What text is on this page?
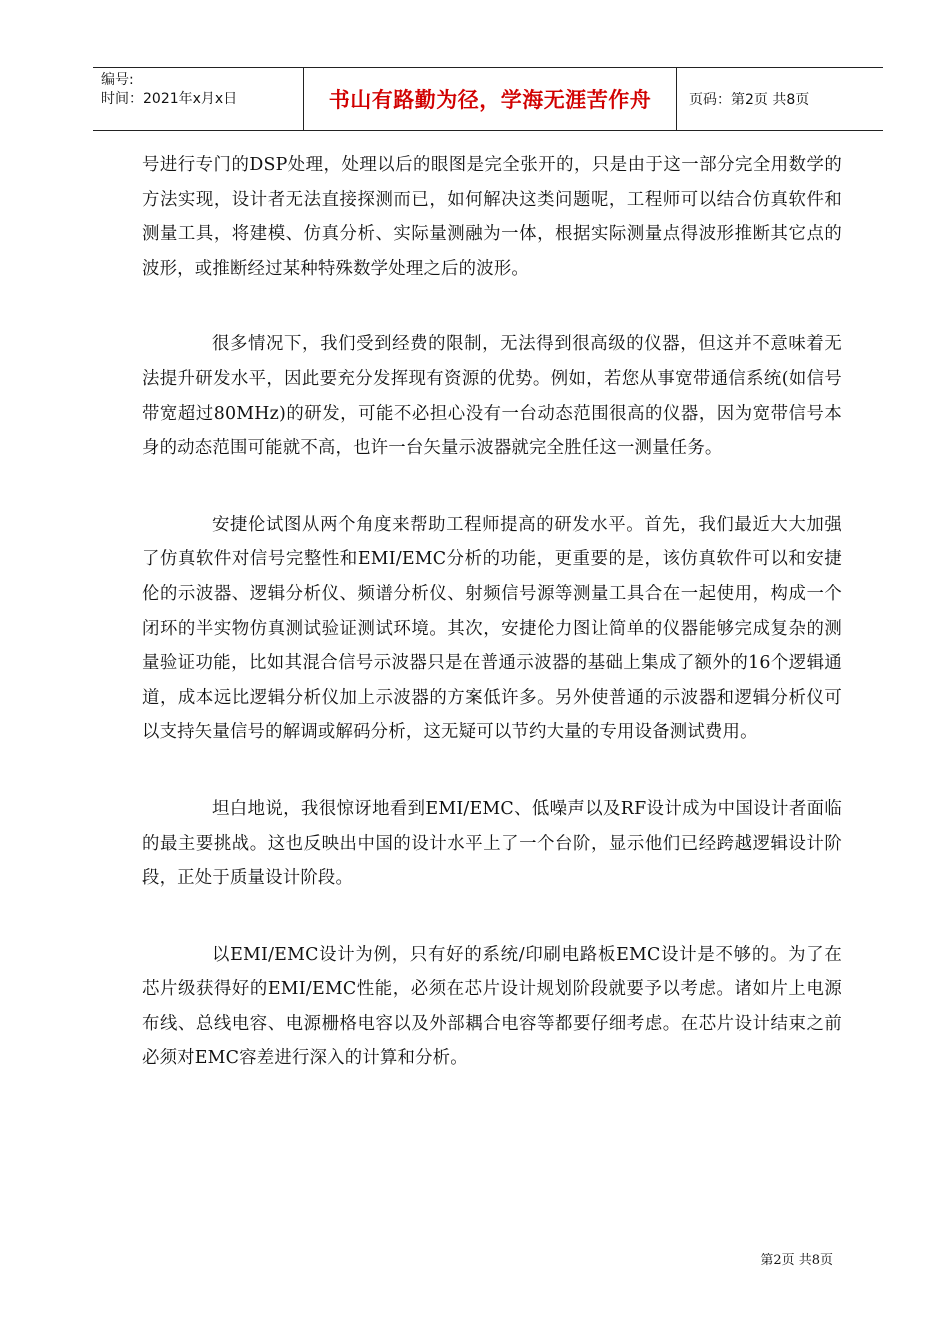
编号:
时间：2021年x月x日	书山有路勤为径，学海无涯苦作舟	页码：第2页 共8页

号进行专门的DSP处理，处理以后的眼图是完全张开的，只是由于这一部分完全用数学的方法实现，设计者无法直接探测而已，如何解决这类问题呢，工程师可以结合仿真软件和测量工具，将建模、仿真分析、实际量测融为一体，根据实际测量点得波形推断其它点的波形，或推断经过某种特殊数学处理之后的波形。

很多情况下，我们受到经费的限制，无法得到很高级的仪器，但这并不意味着无法提升研发水平，因此要充分发挥现有资源的优势。例如，若您从事宽带通信系统(如信号带宽超过80MHz)的研发，可能不必担心没有一台动态范围很高的仪器，因为宽带信号本身的动态范围可能就不高，也许一台矢量示波器就完全胜任这一测量任务。

安捷伦试图从两个角度来帮助工程师提高的研发水平。首先，我们最近大大加强了仿真软件对信号完整性和EMI/EMC分析的功能，更重要的是，该仿真软件可以和安捷伦的示波器、逻辑分析仪、频谱分析仪、射频信号源等测量工具合在一起使用，构成一个闭环的半实物仿真测试验证测试环境。其次，安捷伦力图让简单的仪器能够完成复杂的测量验证功能，比如其混合信号示波器只是在普通示波器的基础上集成了额外的16个逻辑通道，成本远比逻辑分析仪加上示波器的方案低许多。另外使普通的示波器和逻辑分析仪可以支持矢量信号的解调或解码分析，这无疑可以节约大量的专用设备测试费用。

坦白地说，我很惊讶地看到EMI/EMC、低噪声以及RF设计成为中国设计者面临的最主要挑战。这也反映出中国的设计水平上了一个台阶，显示他们已经跨越逻辑设计阶段，正处于质量设计阶段。

以EMI/EMC设计为例，只有好的系统/印刷电路板EMC设计是不够的。为了在芯片级获得好的EMI/EMC性能，必须在芯片设计规划阶段就要予以考虑。诸如片上电源布线、总线电容、电源栅格电容以及外部耦合电容等都要仔细考虑。在芯片设计结束之前必须对EMC容差进行深入的计算和分析。

第2页 共8页
